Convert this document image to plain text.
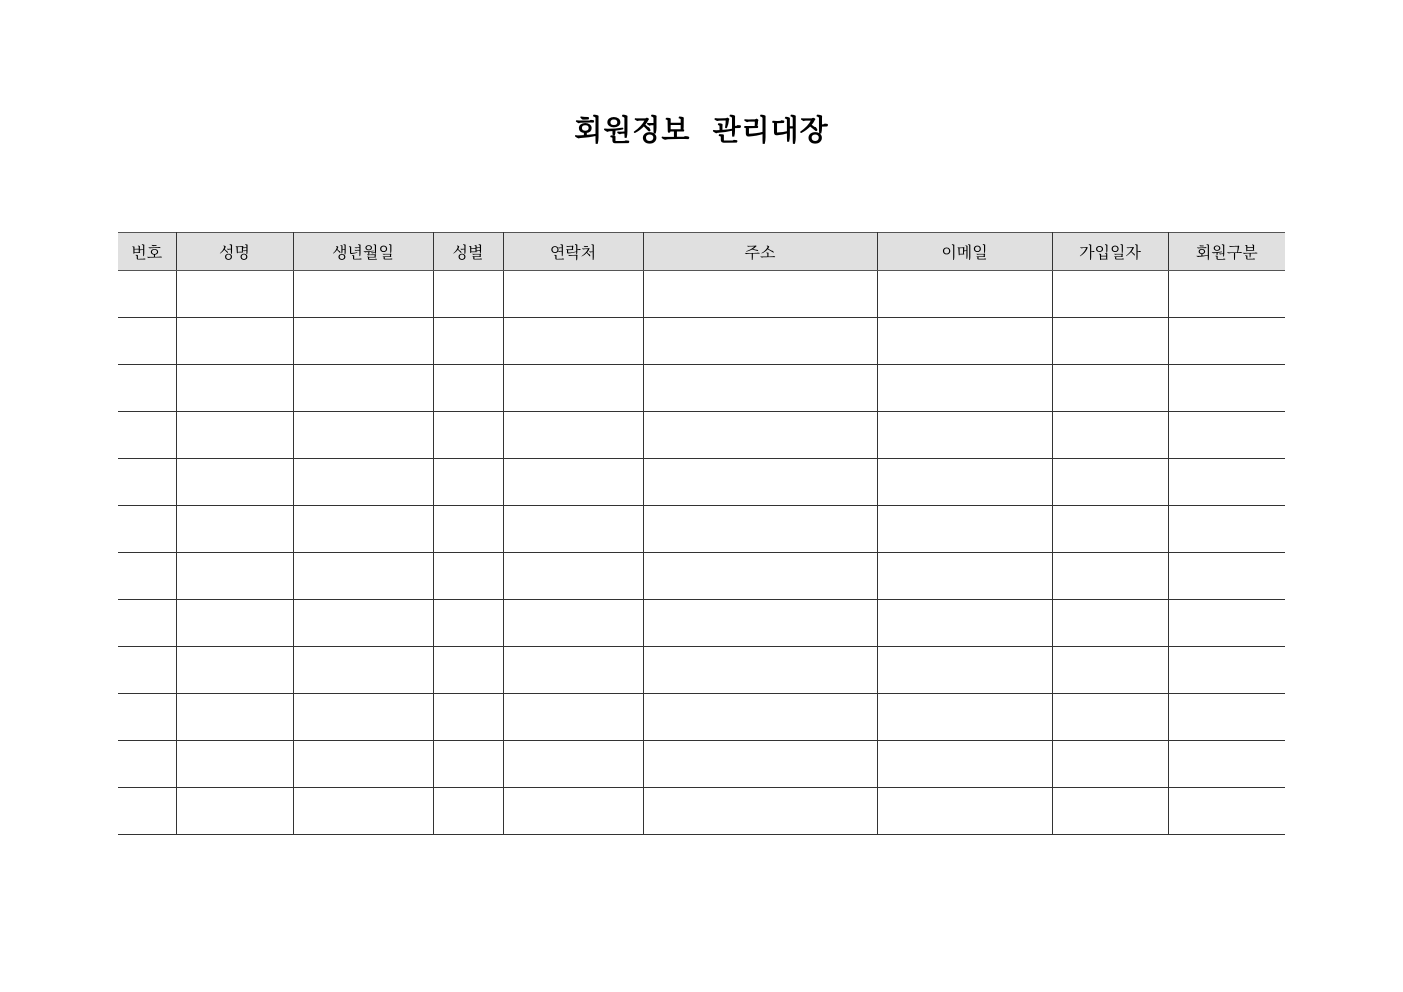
회원정보  관리대장
번호	성명	생년월일	성별	연락처	주소	이메일	가입일자	회원구분
